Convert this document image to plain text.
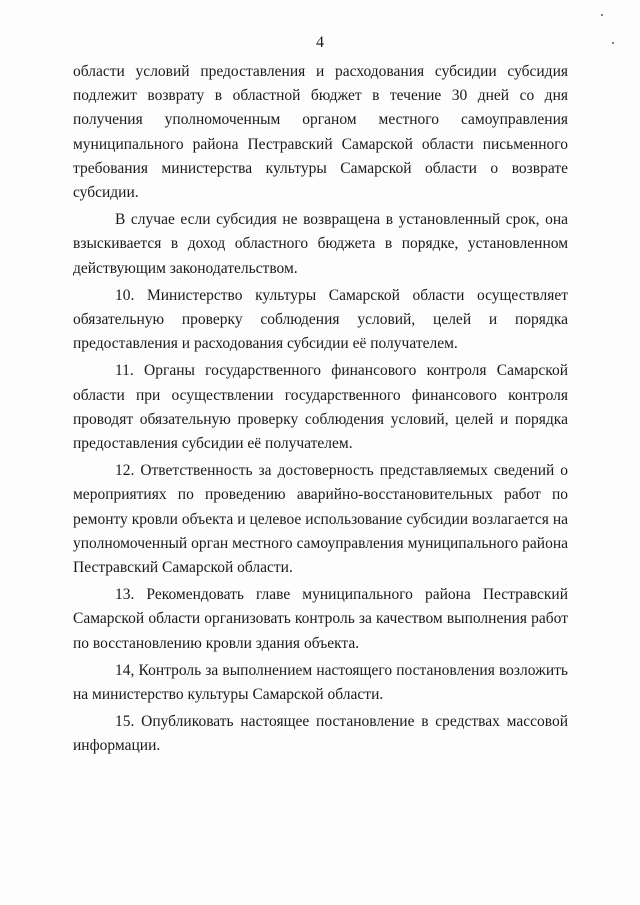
4

области условий предоставления и расходования субсидии субсидия подлежит возврату в областной бюджет в течение 30 дней со дня получения уполномоченным органом местного самоуправления муниципального района Пестравский Самарской области письменного требования министерства культуры Самарской области о возврате субсидии.

В случае если субсидия не возвращена в установленный срок, она взыскивается в доход областного бюджета в порядке, установленном действующим законодательством.

10. Министерство культуры Самарской области осуществляет обязательную проверку соблюдения условий, целей и порядка предоставления и расходования субсидии её получателем.

11. Органы государственного финансового контроля Самарской области при осуществлении государственного финансового контроля проводят обязательную проверку соблюдения условий, целей и порядка предоставления субсидии её получателем.

12. Ответственность за достоверность представляемых сведений о мероприятиях по проведению аварийно-восстановительных работ по ремонту кровли объекта и целевое использование субсидии возлагается на уполномоченный орган местного самоуправления муниципального района Пестравский Самарской области.

13. Рекомендовать главе муниципального района Пестравский Самарской области организовать контроль за качеством выполнения работ по восстановлению кровли здания объекта.

14, Контроль за выполнением настоящего постановления возложить на министерство культуры Самарской области.

15. Опубликовать настоящее постановление в средствах массовой информации.
